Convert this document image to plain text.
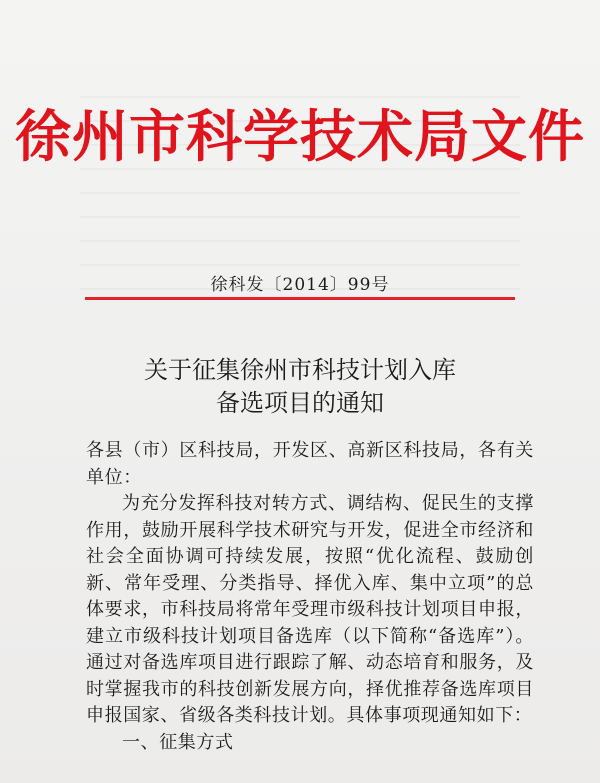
徐州市科学技术局文件
徐科发〔2014〕99号
关于征集徐州市科技计划入库
备选项目的通知

各县（市）区科技局，开发区、高新区科技局，各有关单位：

为充分发挥科技对转方式、调结构、促民生的支撑作用，鼓励开展科学技术研究与开发，促进全市经济和社会全面协调可持续发展，按照“优化流程、鼓励创新、常年受理、分类指导、择优入库、集中立项”的总体要求，市科技局将常年受理市级科技计划项目申报，建立市级科技计划项目备选库（以下简称“备选库”）。通过对备选库项目进行跟踪了解、动态培育和服务，及时掌握我市的科技创新发展方向，择优推荐备选库项目申报国家、省级各类科技计划。具体事项现通知如下：

一、征集方式
